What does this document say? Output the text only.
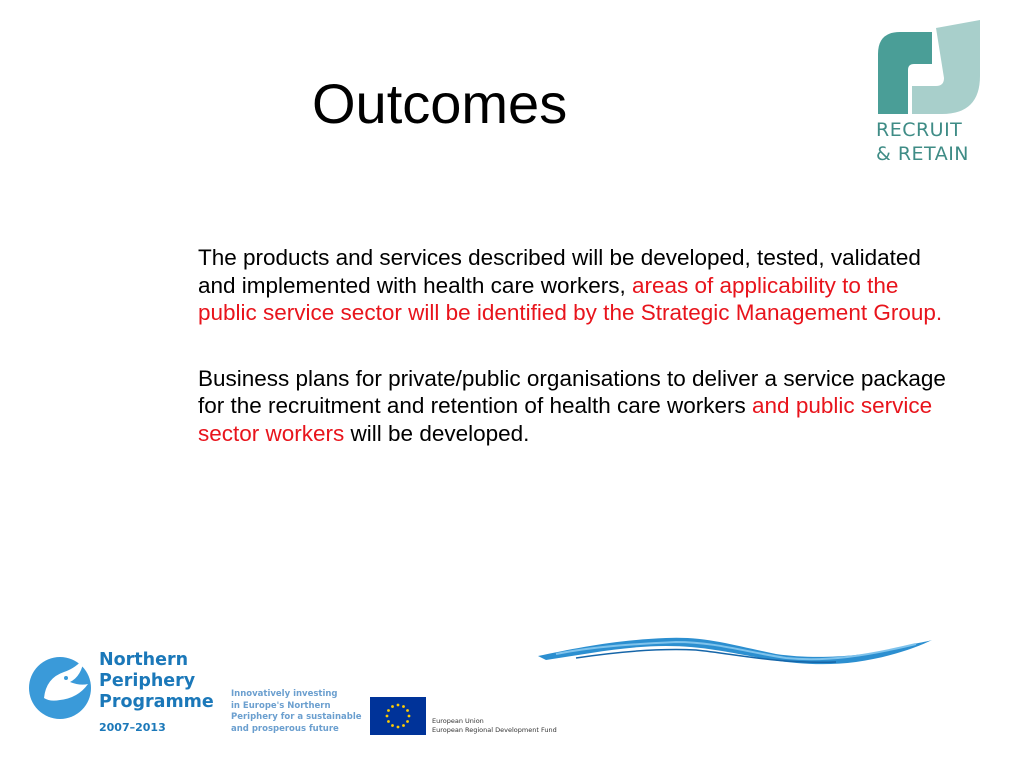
Outcomes	RECRUIT
& RETAIN

The products and services described will be developed, tested, validated and implemented with health care workers, areas of applicability to the public service sector will be identified by the Strategic Management Group.

Business plans for private/public organisations to deliver a service package for the recruitment and retention of health care workers and public service sector workers will be developed.

Northern
Periphery
Programme
2007–2013
Innovatively investing
in Europe's Northern
Periphery for a sustainable
and prosperous future
European Union
European Regional Development Fund
